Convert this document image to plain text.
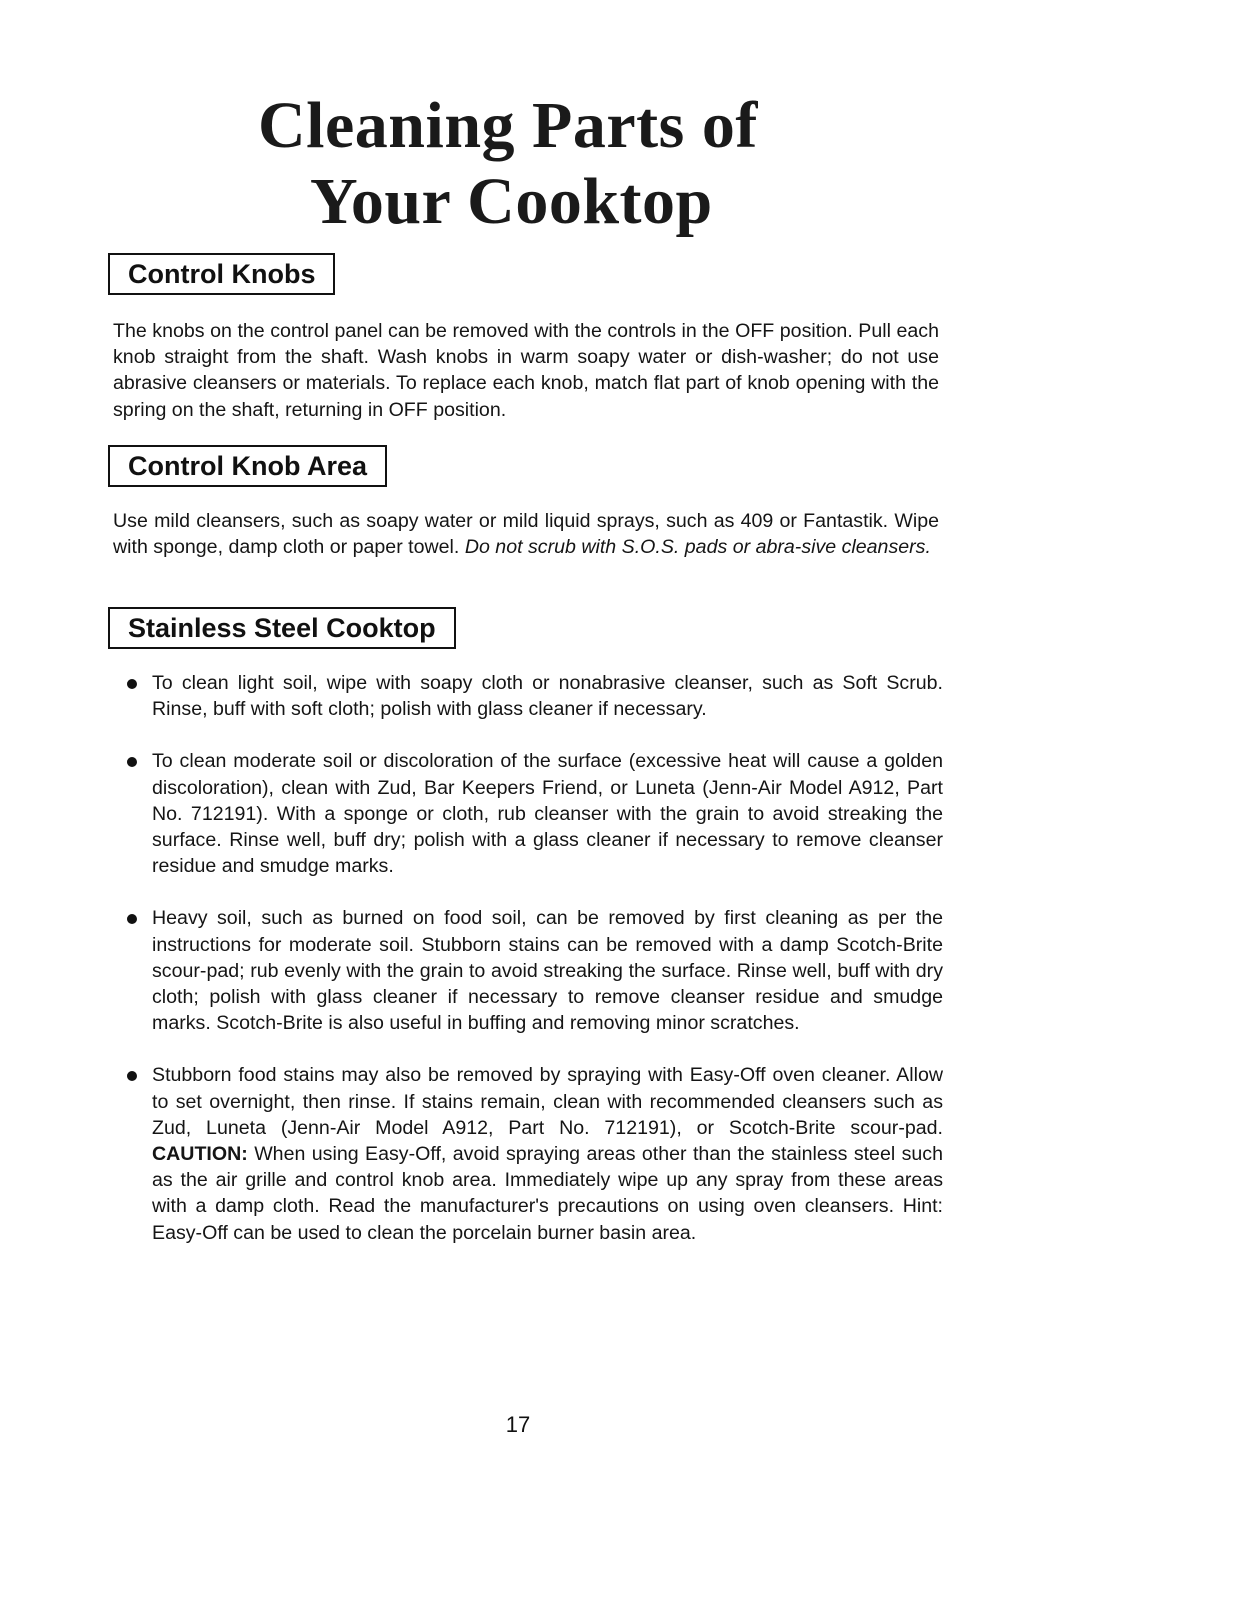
Cleaning Parts of
Your Cooktop
Control Knobs
The knobs on the control panel can be removed with the controls in the OFF position. Pull each knob straight from the shaft. Wash knobs in warm soapy water or dish-washer; do not use abrasive cleansers or materials. To replace each knob, match flat part of knob opening with the spring on the shaft, returning in OFF position.
Control Knob Area
Use mild cleansers, such as soapy water or mild liquid sprays, such as 409 or Fantastik. Wipe with sponge, damp cloth or paper towel. Do not scrub with S.O.S. pads or abra-sive cleansers.
Stainless Steel Cooktop
To clean light soil, wipe with soapy cloth or nonabrasive cleanser, such as Soft Scrub. Rinse, buff with soft cloth; polish with glass cleaner if necessary.
To clean moderate soil or discoloration of the surface (excessive heat will cause a golden discoloration), clean with Zud, Bar Keepers Friend, or Luneta (Jenn-Air Model A912, Part No. 712191). With a sponge or cloth, rub cleanser with the grain to avoid streaking the surface. Rinse well, buff dry; polish with a glass cleaner if necessary to remove cleanser residue and smudge marks.
Heavy soil, such as burned on food soil, can be removed by first cleaning as per the instructions for moderate soil. Stubborn stains can be removed with a damp Scotch-Brite scour-pad; rub evenly with the grain to avoid streaking the surface. Rinse well, buff with dry cloth; polish with glass cleaner if necessary to remove cleanser residue and smudge marks. Scotch-Brite is also useful in buffing and removing minor scratches.
Stubborn food stains may also be removed by spraying with Easy-Off oven cleaner. Allow to set overnight, then rinse. If stains remain, clean with recommended cleansers such as Zud, Luneta (Jenn-Air Model A912, Part No. 712191), or Scotch-Brite scour-pad. CAUTION: When using Easy-Off, avoid spraying areas other than the stainless steel such as the air grille and control knob area. Immediately wipe up any spray from these areas with a damp cloth. Read the manufacturer's precautions on using oven cleansers. Hint: Easy-Off can be used to clean the porcelain burner basin area.
17
